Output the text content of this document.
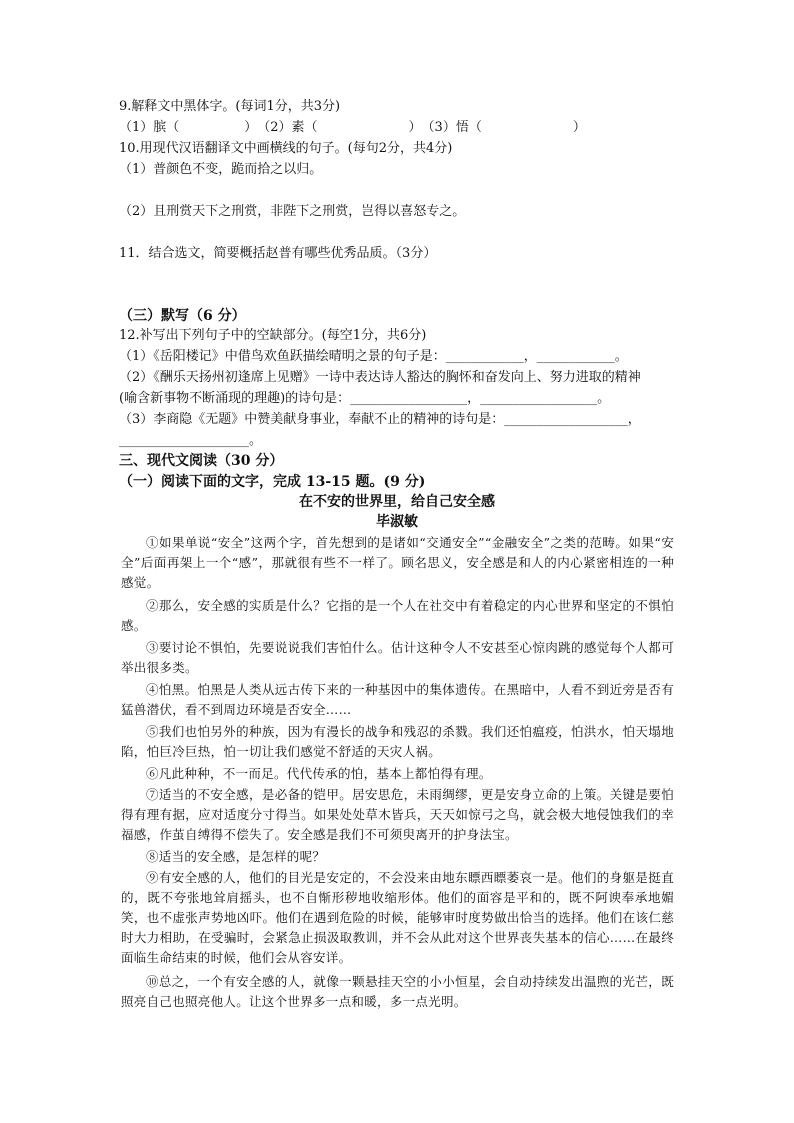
9.解释文中黑体字。(每词1分，共3分)
（1）膑（　　　　　）　（2）素（　　　　　　　）　（3）悟（　　　　　　　）
10.用现代汉语翻译文中画横线的句子。(每句2分，共4分)
（1）普颜色不变，跪而拾之以归。
（2）且刑赏天下之刑赏，非陛下之刑赏，岂得以喜怒专之。
11．结合选文，简要概括赵普有哪些优秀品质。（3分）
（三）默写（6 分）
12.补写出下列句子中的空缺部分。(每空1分，共6分)
（1）《岳阳楼记》中借鸟欢鱼跃描绘晴明之景的句子是：____________，____________。
（2）《酬乐天扬州初逢席上见赠》一诗中表达诗人豁达的胸怀和奋发向上、努力进取的精神
(喻含新事物不断涌现的理趣)的诗句是：__________________，__________________。
（3）李商隐《无题》中赞美献身事业，奉献不止的精神的诗句是：___________________，
____________________。
三、现代文阅读（30 分）
（一）阅读下面的文字，完成 13-15 题。(9 分)
在不安的世界里，给自己安全感
毕淑敏
①如果单说“安全”这两个字，首先想到的是诸如“交通安全”“金融安全”之类的范畴。如果“安全”后面再架上一个“感”，那就很有些不一样了。顾名思义，安全感是和人的内心紧密相连的一种感觉。
②那么，安全感的实质是什么？它指的是一个人在社交中有着稳定的内心世界和坚定的不惧怕感。
③要讨论不惧怕，先要说说我们害怕什么。估计这种令人不安甚至心惊肉跳的感觉每个人都可举出很多类。
④怕黑。怕黑是人类从远古传下来的一种基因中的集体遗传。在黑暗中，人看不到近旁是否有猛兽潜伏，看不到周边环境是否安全……
⑤我们也怕另外的种族，因为有漫长的战争和残忍的杀戮。我们还怕瘟疫，怕洪水，怕天塌地陷，怕巨冷巨热，怕一切让我们感觉不舒适的天灾人祸。
⑥凡此种种，不一而足。代代传承的怕，基本上都怕得有理。
⑦适当的不安全感，是必备的铠甲。居安思危，未雨绸缪，更是安身立命的上策。关键是要怕得有理有据，应对适度分寸得当。如果处处草木皆兵，天天如惊弓之鸟，就会极大地侵蚀我们的幸福感，作茧自缚得不偿失了。安全感是我们不可须臾离开的护身法宝。
⑧适当的安全感，是怎样的呢？
⑨有安全感的人，他们的目光是安定的，不会没来由地东瞟西瞟萎哀一是。他们的身躯是挺直的，既不夸张地耸肩摇头，也不自惭形秽地收缩形体。他们的面容是平和的，既不阿谀奉承地媚笑，也不虚张声势地凶吓。他们在遇到危险的时候，能够审时度势做出恰当的选择。他们在该仁慈时大力相助，在受骗时，会紧急止损汲取教训，并不会从此对这个世界丧失基本的信心……在最终面临生命结束的时候，他们会从容安详。
⑩总之，一个有安全感的人，就像一颗悬挂天空的小小恒星，会自动持续发出温煦的光芒，既照亮自己也照亮他人。让这个世界多一点和暖，多一点光明。
